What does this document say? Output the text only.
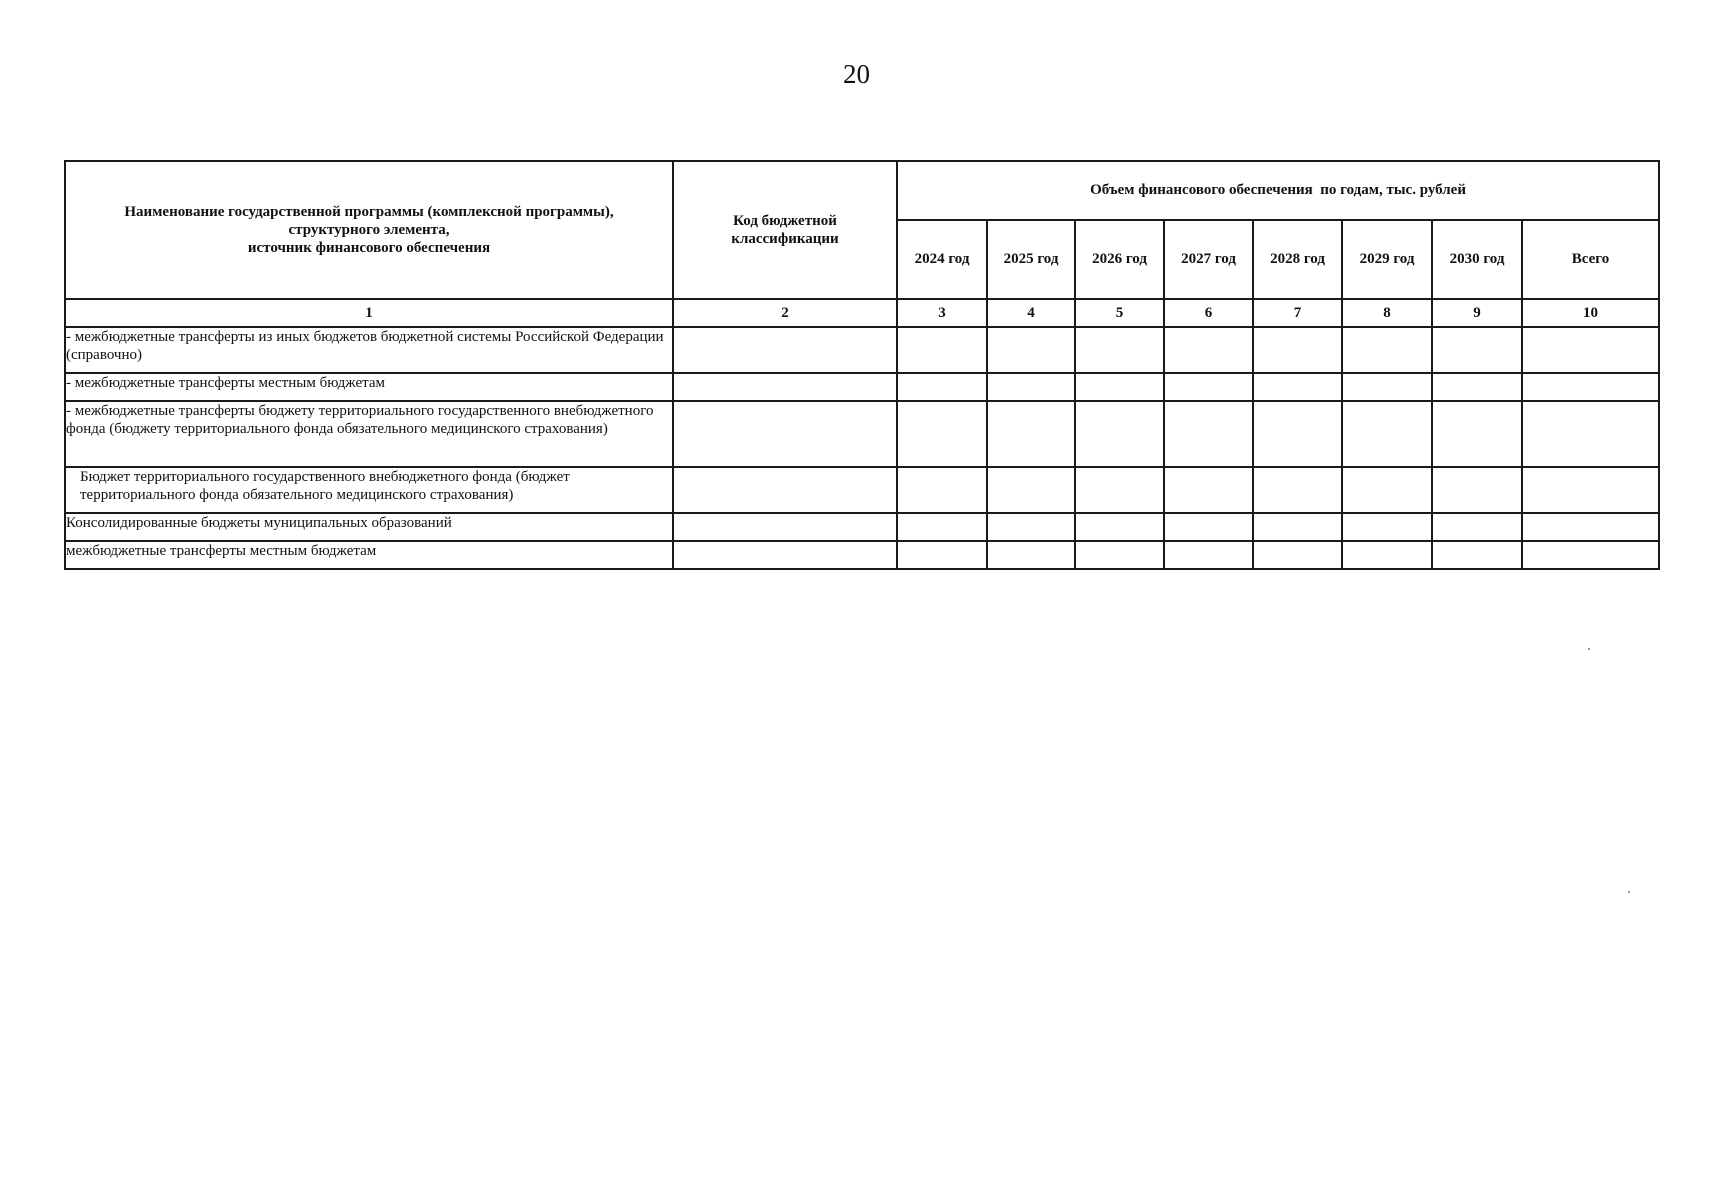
20
Наименование государственной программы (комплексной программы),
структурного элемента,
источник финансового обеспечения	Код бюджетной классификации	Объем финансового обеспечения  по годам, тыс. рублей							
		2024 год	2025 год	2026 год	2027 год	2028 год	2029 год	2030 год	Всего
1	2	3	4	5	6	7	8	9	10
- межбюджетные трансферты из иных бюджетов бюджетной системы Российской Федерации (справочно)									
- межбюджетные трансферты местным бюджетам									
- межбюджетные трансферты бюджету территориального государственного внебюджетного фонда (бюджету территориального фонда обязательного медицинского страхования)									
Бюджет территориального государственного внебюджетного фонда (бюджет территориального фонда обязательного медицинского страхования)									
Консолидированные бюджеты муниципальных образований									
межбюджетные трансферты местным бюджетам									
